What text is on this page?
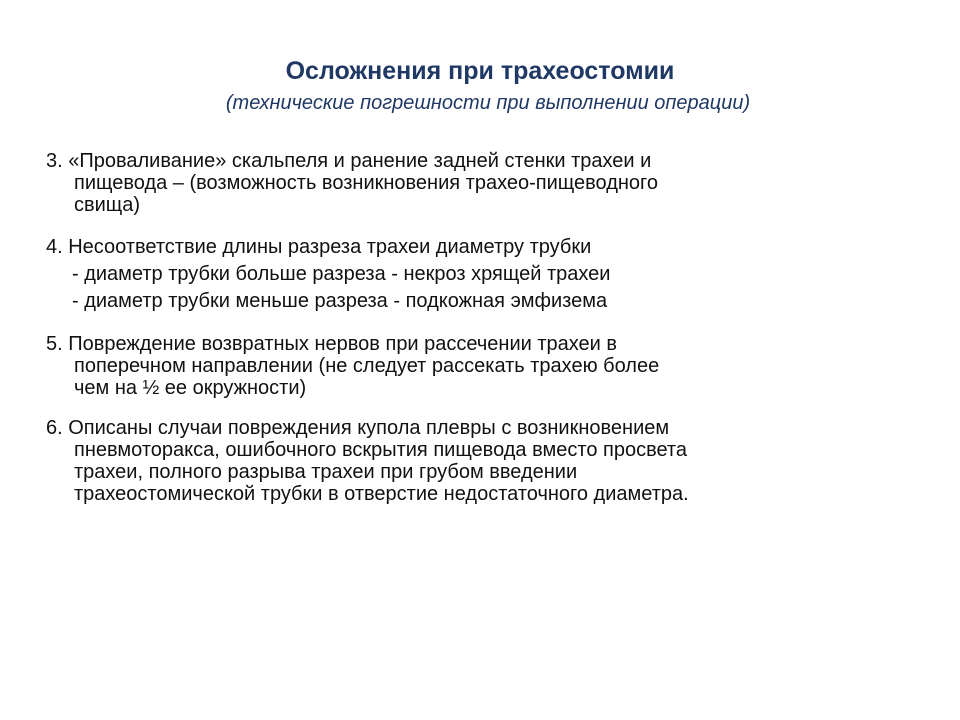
Осложнения при трахеостомии
(технические погрешности при выполнении операции)
3. «Проваливание» скальпеля и ранение задней стенки трахеи и
пищевода – (возможность возникновения трахео-пищеводного
свища)
4. Несоответствие длины разреза трахеи диаметру трубки
- диаметр трубки больше разреза - некроз хрящей трахеи
- диаметр трубки меньше разреза - подкожная эмфизема
5. Повреждение возвратных нервов при рассечении трахеи в
поперечном направлении (не следует рассекать трахею более
чем на ½ ее окружности)
6. Описаны случаи повреждения купола плевры с возникновением
пневмоторакса, ошибочного вскрытия пищевода вместо просвета
трахеи, полного разрыва трахеи при грубом введении
трахеостомической трубки в отверстие недостаточного диаметра.
